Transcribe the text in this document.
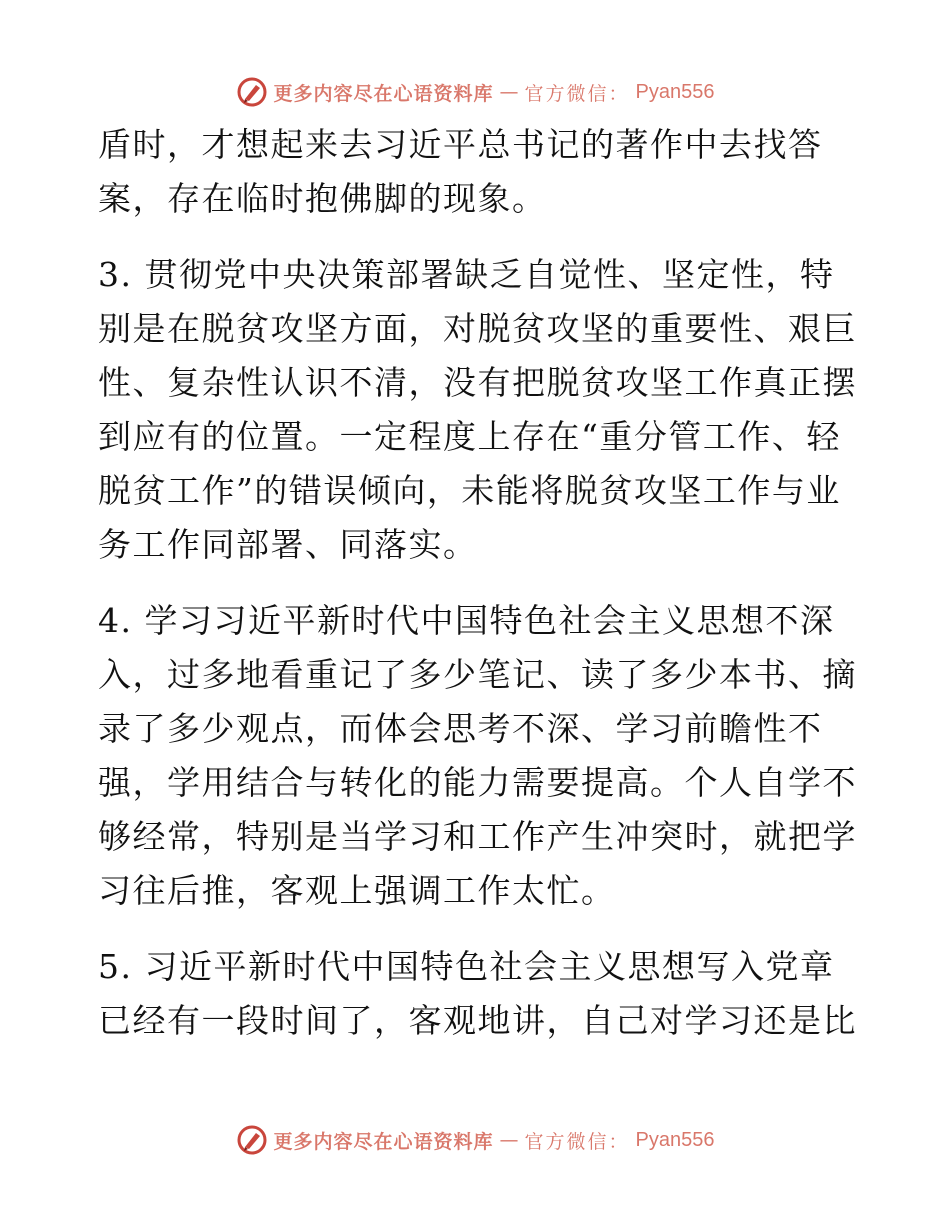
更多内容尽在心语资料库 — 官方微信： Pyan556

盾时，才想起来去习近平总书记的著作中去找答
案，存在临时抱佛脚的现象。

3. 贯彻党中央决策部署缺乏自觉性、坚定性，特
别是在脱贫攻坚方面，对脱贫攻坚的重要性、艰巨
性、复杂性认识不清，没有把脱贫攻坚工作真正摆
到应有的位置。一定程度上存在“重分管工作、轻
脱贫工作”的错误倾向，未能将脱贫攻坚工作与业
务工作同部署、同落实。

4. 学习习近平新时代中国特色社会主义思想不深
入，过多地看重记了多少笔记、读了多少本书、摘
录了多少观点，而体会思考不深、学习前瞻性不
强，学用结合与转化的能力需要提高。个人自学不
够经常，特别是当学习和工作产生冲突时，就把学
习往后推，客观上强调工作太忙。

5. 习近平新时代中国特色社会主义思想写入党章
已经有一段时间了，客观地讲，自己对学习还是比

更多内容尽在心语资料库 — 官方微信： Pyan556
